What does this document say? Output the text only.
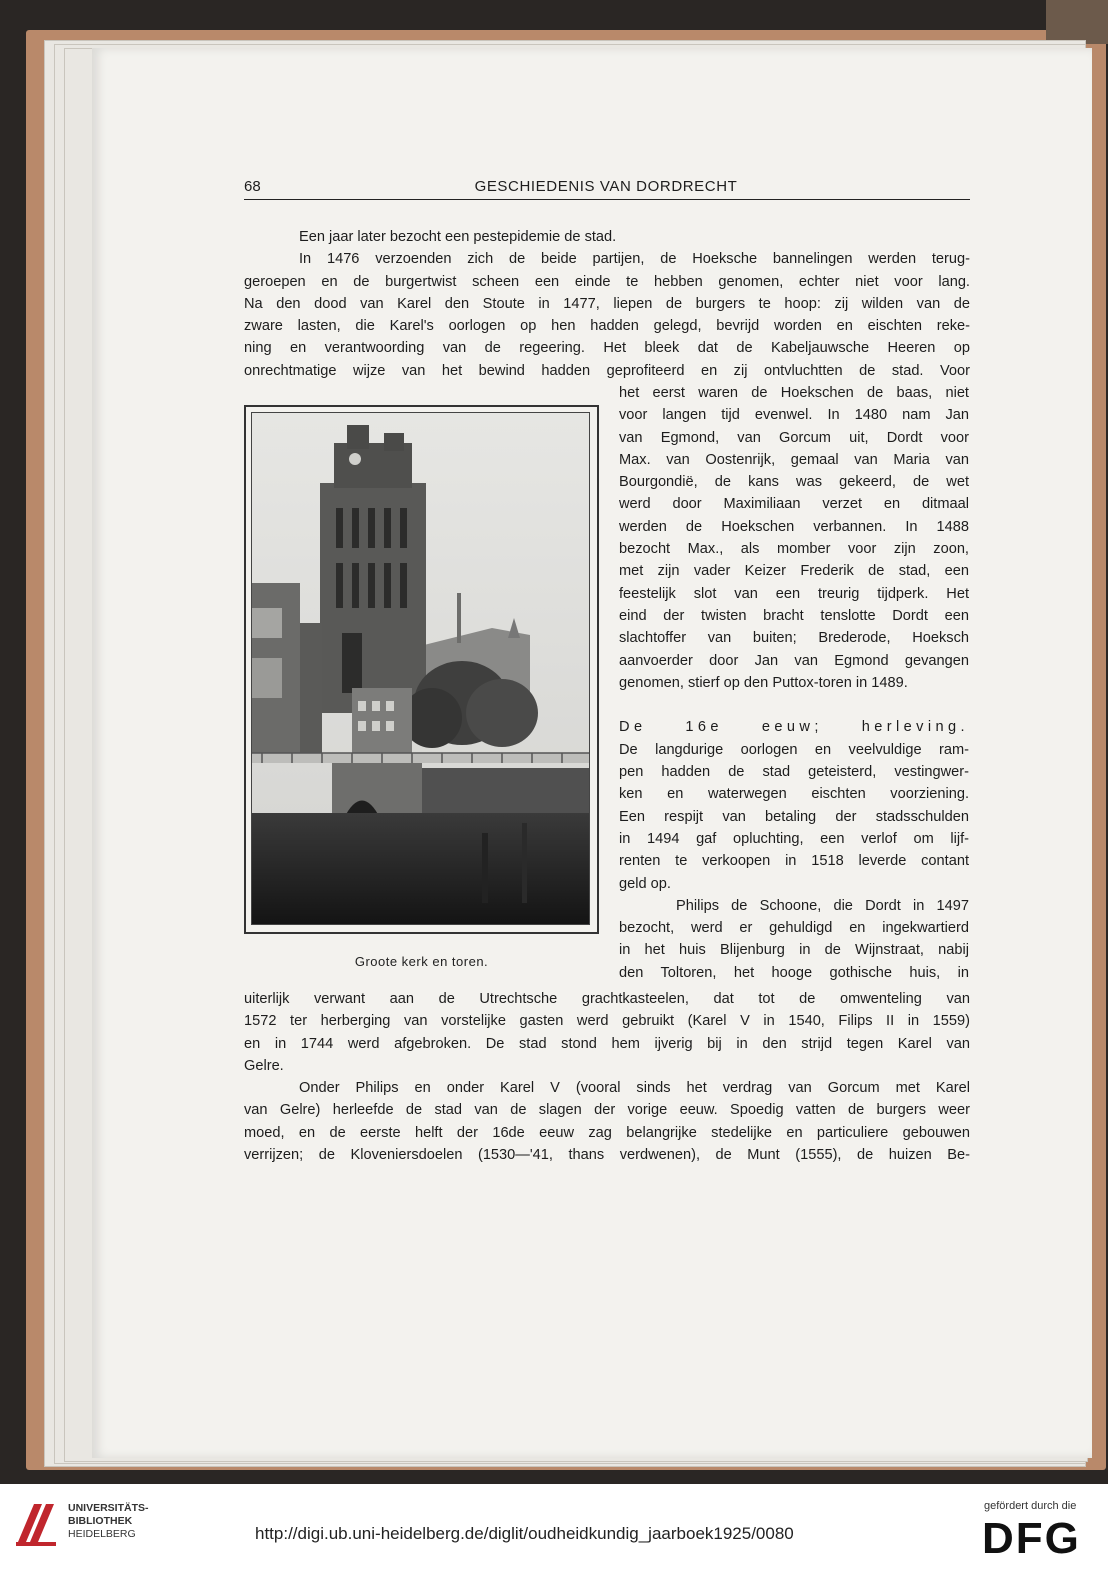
68	GESCHIEDENIS VAN DORDRECHT
Een jaar later bezocht een pestepidemie de stad.
In 1476 verzoenden zich de beide partijen, de Hoeksche bannelingen werden terug-
geroepen en de burgertwist scheen een einde te hebben genomen, echter niet voor lang.
Na den dood van Karel den Stoute in 1477, liepen de burgers te hoop: zij wilden van de
zware lasten, die Karel's oorlogen op hen hadden gelegd, bevrijd worden en eischten reke-
ning en verantwoording van de regeering. Het bleek dat de Kabeljauwsche Heeren op
onrechtmatige wijze van het bewind hadden geprofiteerd en zij ontvluchtten de stad. Voor
het eerst waren de Hoekschen de baas, niet
voor langen tijd evenwel. In 1480 nam Jan
van Egmond, van Gorcum uit, Dordt voor
Max. van Oostenrijk, gemaal van Maria van
Bourgondië, de kans was gekeerd, de wet
werd door Maximiliaan verzet en ditmaal
werden de Hoekschen verbannen. In 1488
bezocht Max., als momber voor zijn zoon,
met zijn vader Keizer Frederik de stad, een
feestelijk slot van een treurig tijdperk. Het
eind der twisten bracht tenslotte Dordt een
slachtoffer van buiten; Brederode, Hoeksch
aanvoerder door Jan van Egmond gevangen
genomen, stierf op den Puttox-toren in 1489.
De 16e eeuw; herleving.
De langdurige oorlogen en veelvuldige ram-
pen hadden de stad geteisterd, vestingwer-
ken en waterwegen eischten voorziening.
Een respijt van betaling der stadsschulden
in 1494 gaf opluchting, een verlof om lijf-
renten te verkoopen in 1518 leverde contant
geld op.
Philips de Schoone, die Dordt in 1497
bezocht, werd er gehuldigd en ingekwartierd
in het huis Blijenburg in de Wijnstraat, nabij
den Toltoren, het hooge gothische huis, in
uiterlijk verwant aan de Utrechtsche grachtkasteelen, dat tot de omwenteling van
1572 ter herberging van vorstelijke gasten werd gebruikt (Karel V in 1540, Filips II in 1559)
en in 1744 werd afgebroken. De stad stond hem ijverig bij in den strijd tegen Karel van
Gelre.
Onder Philips en onder Karel V (vooral sinds het verdrag van Gorcum met Karel
van Gelre) herleefde de stad van de slagen der vorige eeuw. Spoedig vatten de burgers weer
moed, en de eerste helft der 16de eeuw zag belangrijke stedelijke en particuliere gebouwen
verrijzen; de Kloveniersdoelen (1530—'41, thans verdwenen), de Munt (1555), de huizen Be-
Groote kerk en toren.
UNIVERSITÄTS-
BIBLIOTHEK
HEIDELBERG	http://digi.ub.uni-heidelberg.de/diglit/oudheidkundig_jaarboek1925/0080
gefördert durch die
DFG
